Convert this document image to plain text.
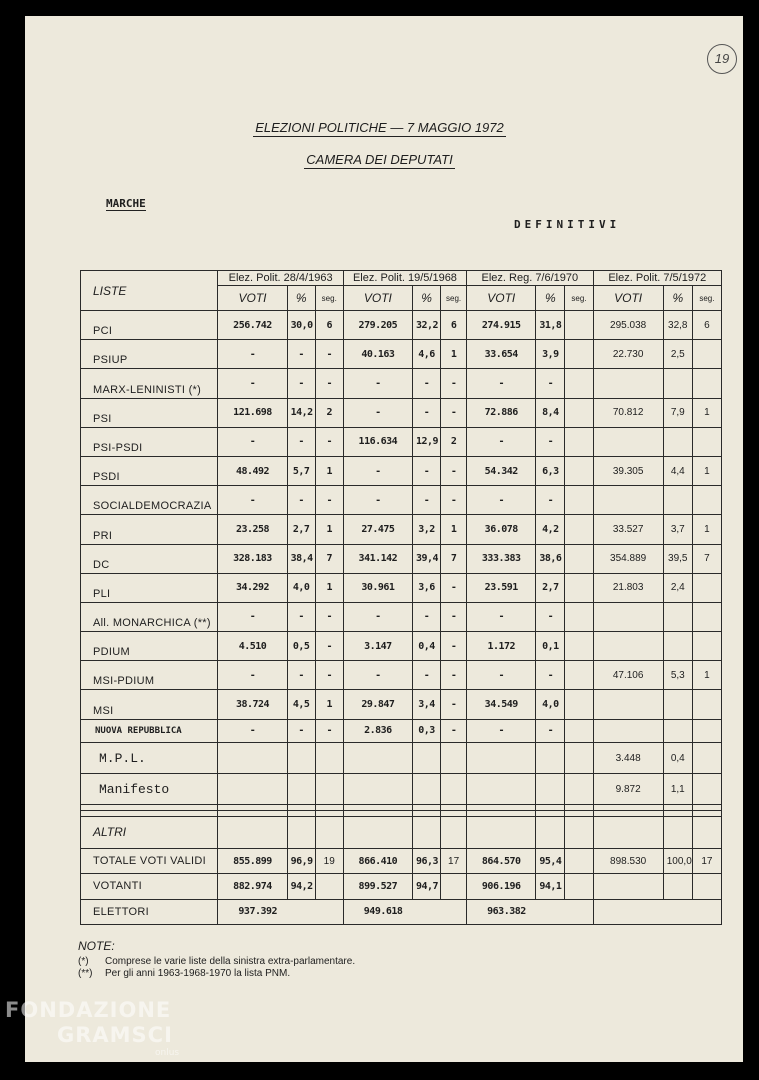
19
ELEZIONI POLITICHE — 7 MAGGIO 1972
CAMERA DEI DEPUTATI
MARCHE
DEFINITIVI
LISTE	Elez. Polit. 28/4/1963			Elez. Polit. 19/5/1968			Elez. Reg. 7/6/1970			Elez. Polit. 7/5/1972		
	VOTI	%	seg.	VOTI	%	seg.	VOTI	%	seg.	VOTI	%	seg.
PCI	256.742	30,0	6	279.205	32,2	6	274.915	31,8		295.038	32,8	6
PSIUP	-	-	-	40.163	4,6	1	33.654	3,9		22.730	2,5	
MARX-LENINISTI (*)	-	-	-	-	-	-	-	-				
PSI	121.698	14,2	2	-	-	-	72.886	8,4		70.812	7,9	1
PSI-PSDI	-	-	-	116.634	12,9	2	-	-				
PSDI	48.492	5,7	1	-	-	-	54.342	6,3		39.305	4,4	1
SOCIALDEMOCRAZIA	-	-	-	-	-	-	-	-				
PRI	23.258	2,7	1	27.475	3,2	1	36.078	4,2		33.527	3,7	1
DC	328.183	38,4	7	341.142	39,4	7	333.383	38,6		354.889	39,5	7
PLI	34.292	4,0	1	30.961	3,6	-	23.591	2,7		21.803	2,4	
All. MONARCHICA (**)	-	-	-	-	-	-	-	-				
PDIUM	4.510	0,5	-	3.147	0,4	-	1.172	0,1				
MSI-PDIUM	-	-	-	-	-	-	-	-		47.106	5,3	1
MSI	38.724	4,5	1	29.847	3,4	-	34.549	4,0				
NUOVA REPUBBLICA	-	-	-	2.836	0,3	-	-	-				
M.P.L.										3.448	0,4	
Manifesto										9.872	1,1	

ALTRI												
TOTALE VOTI VALIDI	855.899	96,9	19	866.410	96,3	17	864.570	95,4		898.530	100,0	17
VOTANTI	882.974	94,2		899.527	94,7		906.196	94,1				
ELETTORI	937.392			949.618			963.382					
NOTE:
(*) Comprese le varie liste della sinistra extra-parlamentare.
(**) Per gli anni 1963-1968-1970 la lista PNM.
FONDAZIONE
GRAMSCI
onlus
